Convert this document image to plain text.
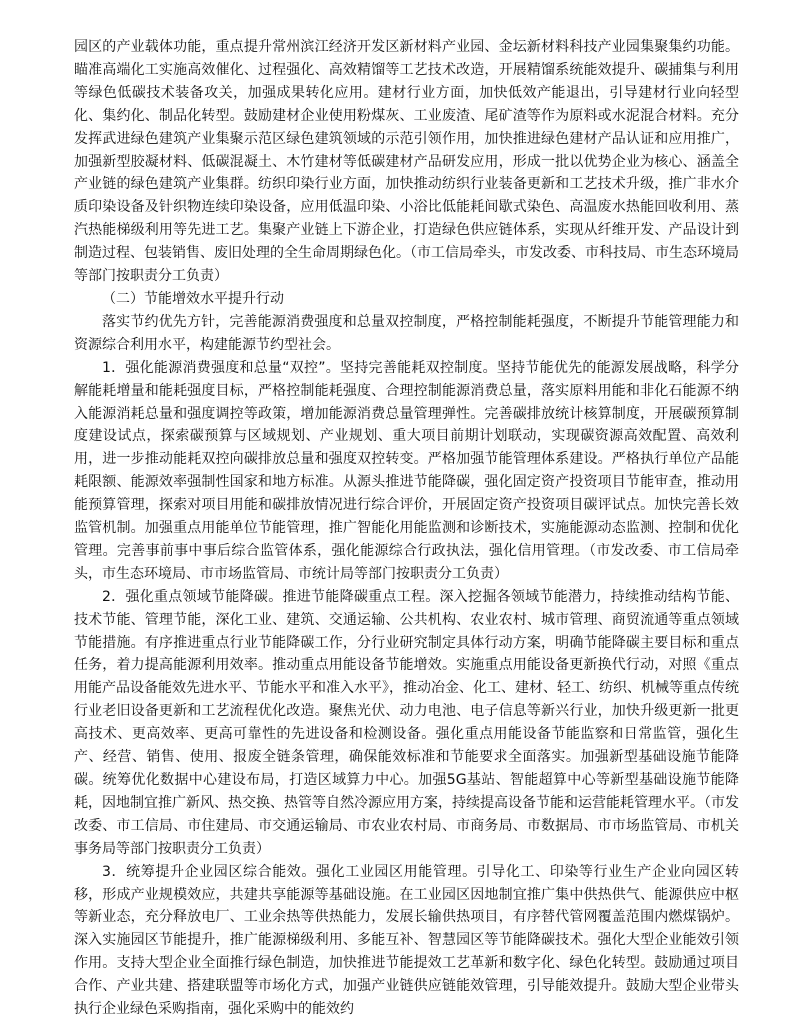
园区的产业载体功能，重点提升常州滨江经济开发区新材料产业园、金坛新材料科技产业园集聚集约功能。瞄准高端化工实施高效催化、过程强化、高效精馏等工艺技术改造，开展精馏系统能效提升、碳捕集与利用等绿色低碳技术装备攻关，加强成果转化应用。建材行业方面，加快低效产能退出，引导建材行业向轻型化、集约化、制品化转型。鼓励建材企业使用粉煤灰、工业废渣、尾矿渣等作为原料或水泥混合材料。充分发挥武进绿色建筑产业集聚示范区绿色建筑领域的示范引领作用，加快推进绿色建材产品认证和应用推广，加强新型胶凝材料、低碳混凝土、木竹建材等低碳建材产品研发应用，形成一批以优势企业为核心、涵盖全产业链的绿色建筑产业集群。纺织印染行业方面，加快推动纺织行业装备更新和工艺技术升级，推广非水介质印染设备及针织物连续印染设备，应用低温印染、小浴比低能耗间歇式染色、高温废水热能回收利用、蒸汽热能梯级利用等先进工艺。集聚产业链上下游企业，打造绿色供应链体系，实现从纤维开发、产品设计到制造过程、包装销售、废旧处理的全生命周期绿色化。（市工信局牵头，市发改委、市科技局、市生态环境局等部门按职责分工负责）

（二）节能增效水平提升行动

落实节约优先方针，完善能源消费强度和总量双控制度，严格控制能耗强度，不断提升节能管理能力和资源综合利用水平，构建能源节约型社会。

1．强化能源消费强度和总量“双控”。坚持完善能耗双控制度。坚持节能优先的能源发展战略，科学分解能耗增量和能耗强度目标，严格控制能耗强度、合理控制能源消费总量，落实原料用能和非化石能源不纳入能源消耗总量和强度调控等政策，增加能源消费总量管理弹性。完善碳排放统计核算制度，开展碳预算制度建设试点，探索碳预算与区域规划、产业规划、重大项目前期计划联动，实现碳资源高效配置、高效利用，进一步推动能耗双控向碳排放总量和强度双控转变。严格加强节能管理体系建设。严格执行单位产品能耗限额、能源效率强制性国家和地方标准。从源头推进节能降碳，强化固定资产投资项目节能审查，推动用能预算管理，探索对项目用能和碳排放情况进行综合评价，开展固定资产投资项目碳评试点。加快完善长效监管机制。加强重点用能单位节能管理，推广智能化用能监测和诊断技术，实施能源动态监测、控制和优化管理。完善事前事中事后综合监管体系，强化能源综合行政执法，强化信用管理。（市发改委、市工信局牵头，市生态环境局、市市场监管局、市统计局等部门按职责分工负责）

2．强化重点领域节能降碳。推进节能降碳重点工程。深入挖掘各领域节能潜力，持续推动结构节能、技术节能、管理节能，深化工业、建筑、交通运输、公共机构、农业农村、城市管理、商贸流通等重点领域节能措施。有序推进重点行业节能降碳工作，分行业研究制定具体行动方案，明确节能降碳主要目标和重点任务，着力提高能源利用效率。推动重点用能设备节能增效。实施重点用能设备更新换代行动，对照《重点用能产品设备能效先进水平、节能水平和准入水平》，推动冶金、化工、建材、轻工、纺织、机械等重点传统行业老旧设备更新和工艺流程优化改造。聚焦光伏、动力电池、电子信息等新兴行业，加快升级更新一批更高技术、更高效率、更高可靠性的先进设备和检测设备。强化重点用能设备节能监察和日常监管，强化生产、经营、销售、使用、报废全链条管理，确保能效标准和节能要求全面落实。加强新型基础设施节能降碳。统筹优化数据中心建设布局，打造区域算力中心。加强5G基站、智能超算中心等新型基础设施节能降耗，因地制宜推广新风、热交换、热管等自然冷源应用方案，持续提高设备节能和运营能耗管理水平。（市发改委、市工信局、市住建局、市交通运输局、市农业农村局、市商务局、市数据局、市市场监管局、市机关事务局等部门按职责分工负责）

3．统筹提升企业园区综合能效。强化工业园区用能管理。引导化工、印染等行业生产企业向园区转移，形成产业规模效应，共建共享能源等基础设施。在工业园区因地制宜推广集中供热供气、能源供应中枢等新业态，充分释放电厂、工业余热等供热能力，发展长输供热项目，有序替代管网覆盖范围内燃煤锅炉。深入实施园区节能提升，推广能源梯级利用、多能互补、智慧园区等节能降碳技术。强化大型企业能效引领作用。支持大型企业全面推行绿色制造，加快推进节能提效工艺革新和数字化、绿色化转型。鼓励通过项目合作、产业共建、搭建联盟等市场化方式，加强产业链供应链能效管理，引导能效提升。鼓励大型企业带头执行企业绿色采购指南，强化采购中的能效约
